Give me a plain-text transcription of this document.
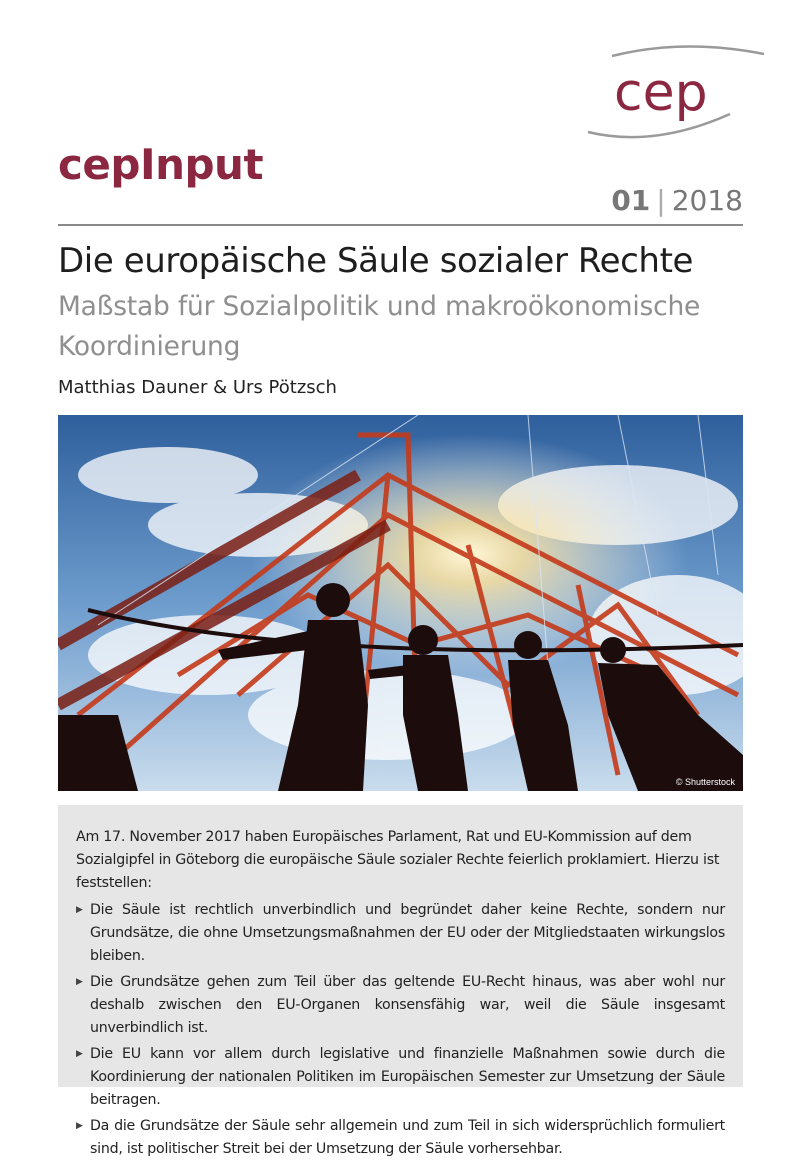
cep
cepInput
01 | 2018
Die europäische Säule sozialer Rechte
Maßstab für Sozialpolitik und makroökonomische Koordinierung
Matthias Dauner & Urs Pötzsch
© Shutterstock

Am 17. November 2017 haben Europäisches Parlament, Rat und EU-Kommission auf dem Sozialgipfel in Göteborg die europäische Säule sozialer Rechte feierlich proklamiert. Hierzu ist feststellen:

▶ Die Säule ist rechtlich unverbindlich und begründet daher keine Rechte, sondern nur Grundsätze, die ohne Umsetzungsmaßnahmen der EU oder der Mitgliedstaaten wirkungslos bleiben.
▶ Die Grundsätze gehen zum Teil über das geltende EU-Recht hinaus, was aber wohl nur deshalb zwischen den EU-Organen konsensfähig war, weil die Säule insgesamt unverbindlich ist.
▶ Die EU kann vor allem durch legislative und finanzielle Maßnahmen sowie durch die Koordinierung der nationalen Politiken im Europäischen Semester zur Umsetzung der Säule beitragen.
▶ Da die Grundsätze der Säule sehr allgemein und zum Teil in sich widersprüchlich formuliert sind, ist politischer Streit bei der Umsetzung der Säule vorhersehbar.
